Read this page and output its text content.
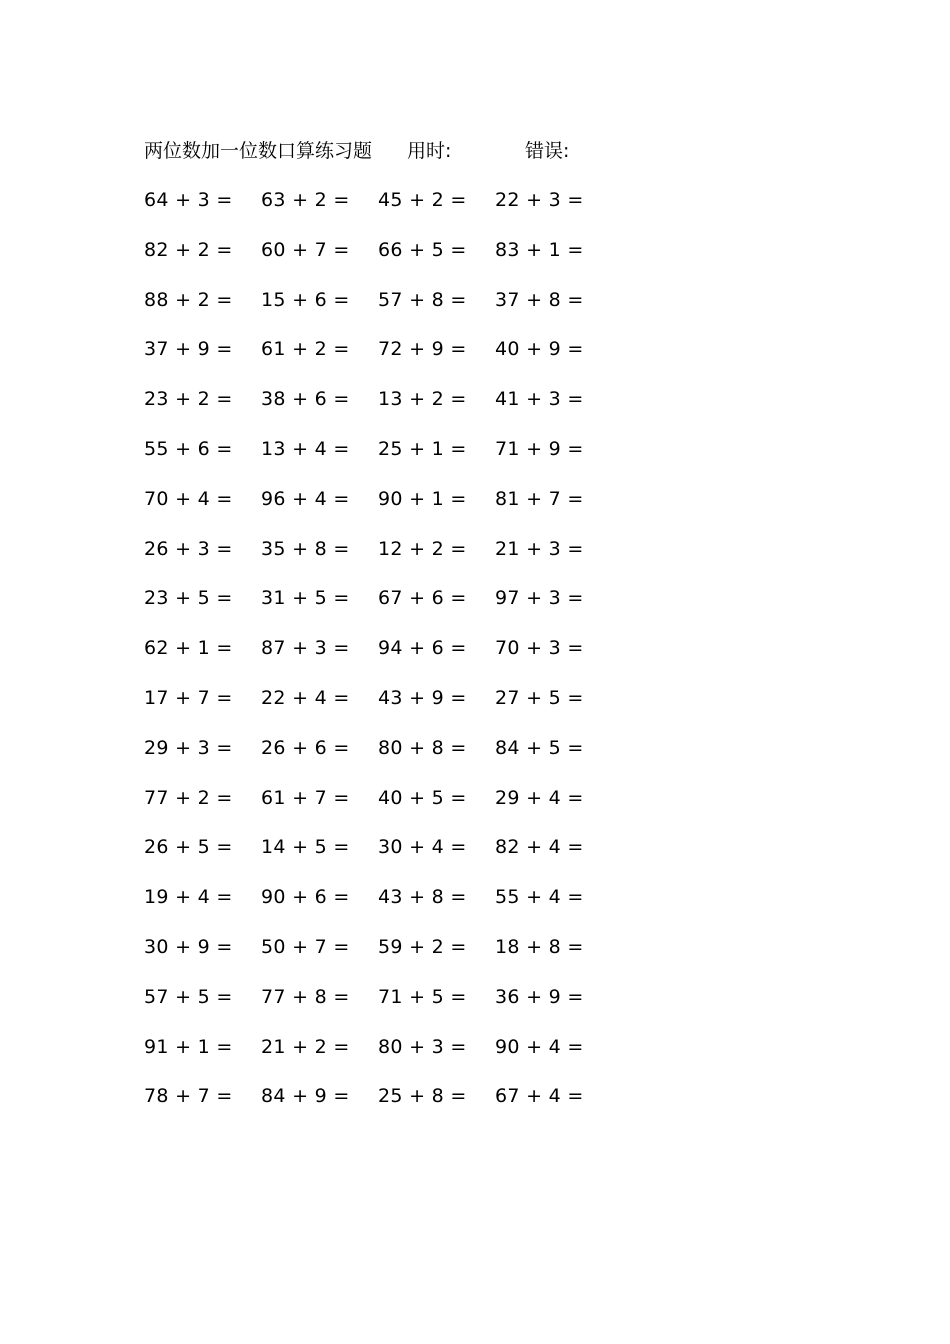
两位数加一位数口算练习题 用时:	错误:
64 + 3 = 63 + 2 = 45 + 2 = 22 + 3 =
82 + 2 = 60 + 7 = 66 + 5 = 83 + 1 =
88 + 2 = 15 + 6 = 57 + 8 = 37 + 8 =
37 + 9 = 61 + 2 = 72 + 9 = 40 + 9 =
23 + 2 = 38 + 6 = 13 + 2 = 41 + 3 =
55 + 6 = 13 + 4 = 25 + 1 = 71 + 9 =
70 + 4 = 96 + 4 = 90 + 1 = 81 + 7 =
26 + 3 = 35 + 8 = 12 + 2 = 21 + 3 =
23 + 5 = 31 + 5 = 67 + 6 = 97 + 3 =
62 + 1 = 87 + 3 = 94 + 6 = 70 + 3 =
17 + 7 = 22 + 4 = 43 + 9 = 27 + 5 =
29 + 3 = 26 + 6 = 80 + 8 = 84 + 5 =
77 + 2 = 61 + 7 = 40 + 5 = 29 + 4 =
26 + 5 = 14 + 5 = 30 + 4 = 82 + 4 =
19 + 4 = 90 + 6 = 43 + 8 = 55 + 4 =
30 + 9 = 50 + 7 = 59 + 2 = 18 + 8 =
57 + 5 = 77 + 8 = 71 + 5 = 36 + 9 =
91 + 1 = 21 + 2 = 80 + 3 = 90 + 4 =
78 + 7 = 84 + 9 = 25 + 8 = 67 + 4 =
